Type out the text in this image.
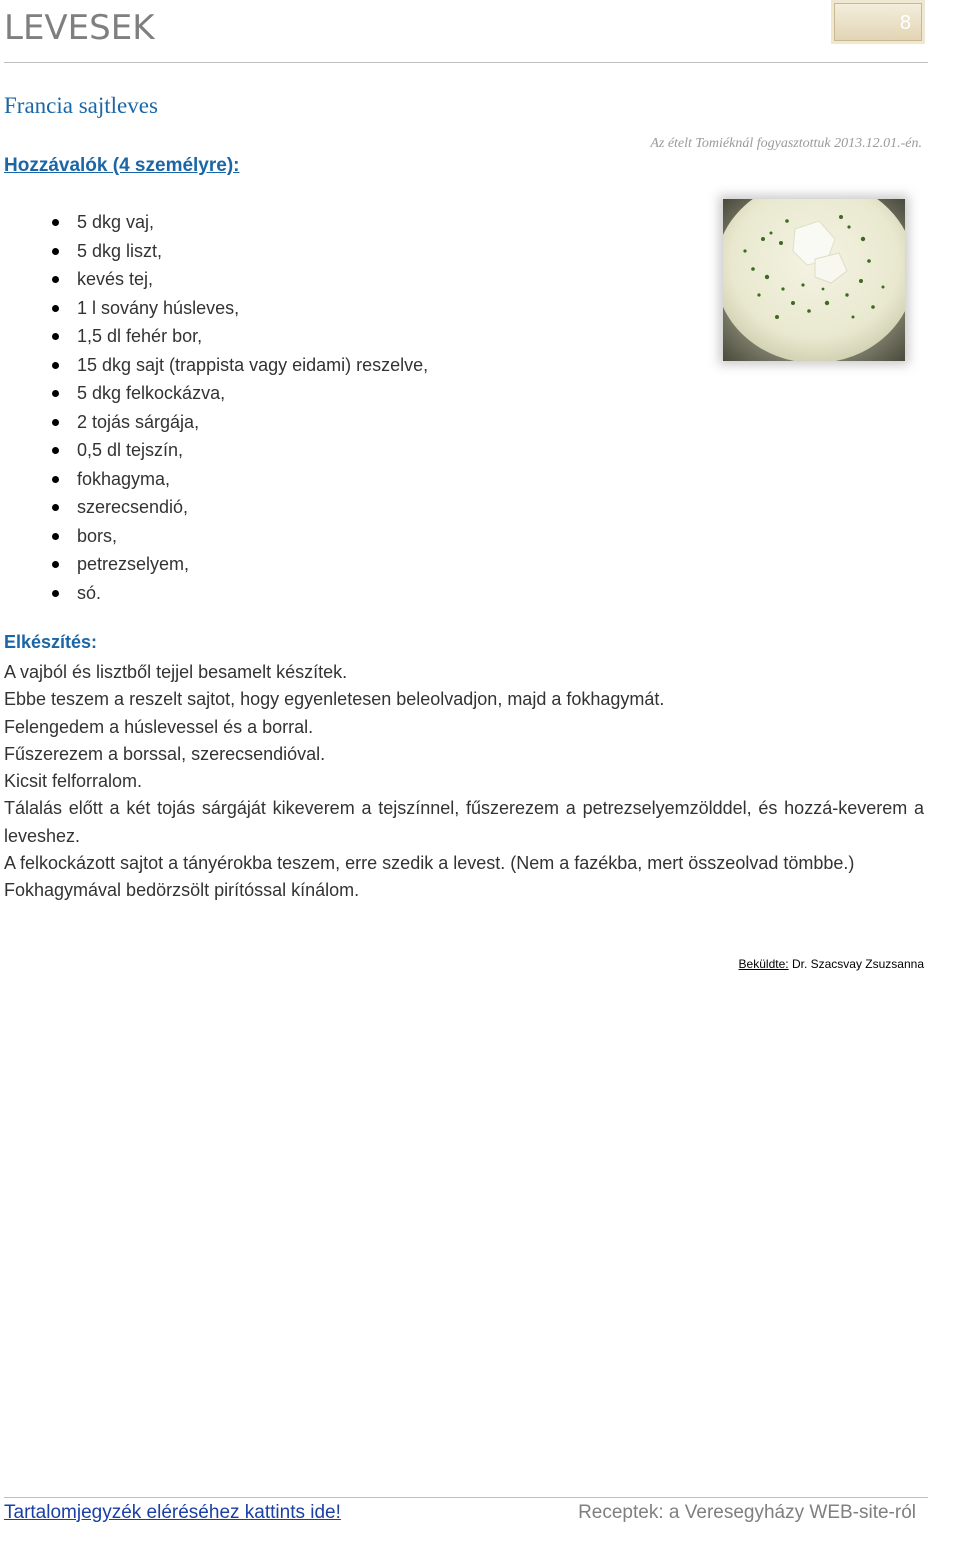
LEVESEK	8
Francia sajtleves
Az ételt Tomiéknál fogyasztottuk 2013.12.01.-én.
Hozzávalók (4 személyre):
5 dkg vaj,
5 dkg liszt,
kevés tej,
1 l sovány húsleves,
1,5 dl fehér bor,
15 dkg sajt (trappista vagy eidami) reszelve,
5 dkg felkockázva,
2 tojás sárgája,
0,5 dl tejszín,
fokhagyma,
szerecsendió,
bors,
petrezselyem,
só.
Elkészítés:

A vajból és lisztből tejjel besamelt készítek.

Ebbe teszem a reszelt sajtot, hogy egyenletesen beleolvadjon, majd a fokhagymát.

Felengedem a húslevessel és a borral.

Fűszerezem a borssal, szerecsendióval.

Kicsit felforralom.

Tálalás előtt a két tojás sárgáját kikeverem a tejszínnel, fűszerezem a petrezselyemzölddel, és hozzá-keverem a leveshez.

A felkockázott sajtot a tányérokba teszem, erre szedik a levest. (Nem a fazékba, mert összeolvad tömbbe.)

Fokhagymával bedörzsölt pirítóssal kínálom.

Beküldte: Dr. Szacsvay Zsuzsanna
Tartalomjegyzék eléréséhez kattints ide!	Receptek: a Veresegyházy WEB-site-ról
